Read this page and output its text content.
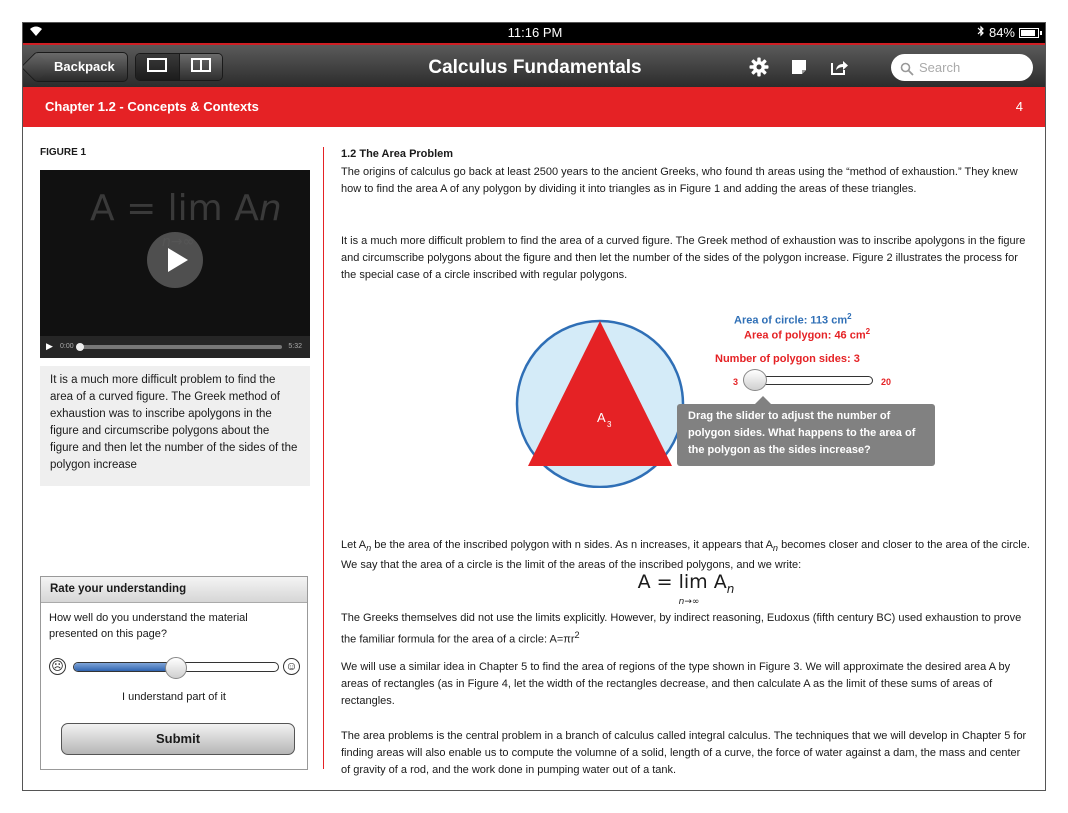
11:16 PM	84%
Backpack	Calculus Fundamentals	Search
Chapter 1.2 - Concepts & Contexts	4
FIGURE 1
A = lim An
▶ 0:00	5:32
It is a much more difficult problem to find the area of a curved figure. The Greek method of exhaustion was to inscribe apolygons in the figure and circumscribe polygons about the figure and then let the number of the sides of the polygon increase
Rate your understanding
How well do you understand the material presented on this page?
☹	☺
I understand part of it
Submit

1.2 The Area Problem

The origins of calculus go back at least 2500 years to the ancient Greeks, who found th areas using the “method of exhaustion.” They knew how to find the area A of any polygon by dividing it into triangles as in Figure 1 and adding the areas of these triangles.

It is a much more difficult problem to find the area of a curved figure. The Greek method of exhaustion was to inscribe apolygons in the figure and circumscribe polygons about the figure and then let the number of the sides of the polygon increase. Figure 2 illustrates the process for the special case of a circle inscribed with regular polygons.

A 3
Area of circle: 113 $cm^2$
Area of polygon: 46 $cm^2$
Number of polygon sides: 3
3	20
Drag the slider to adjust the number of polygon sides. What happens to the area of the polygon as the sides increase?

Let $A_n$ be the area of the inscribed polygon with n sides. As n increases, it appears that $A_n$ becomes closer and closer to the area of the circle. We say that the area of a circle is the limit of the areas of the inscribed polygons, and we write:

A = lim
n→∞
$A_n$

The Greeks themselves did not use the limits explicitly. However, by indirect reasoning, Eudoxus (fifth century BC) used exhaustion to prove the familiar formula for the area of a circle: $A=\pi r^2$

We will use a similar idea in Chapter 5 to find the area of regions of the type shown in Figure 3. We will approximate the desired area A by areas of rectangles (as in Figure 4, let the width of the rectangles decrease, and then calculate A as the limit of these sums of areas of rectangles.

The area problems is the central problem in a branch of calculus called integral calculus. The techniques that we will develop in Chapter 5 for finding areas will also enable us to compute the volumne of a solid, length of a curve, the force of water against a dam, the mass and center of gravity of a rod, and the work done in pumping water out of a tank.
